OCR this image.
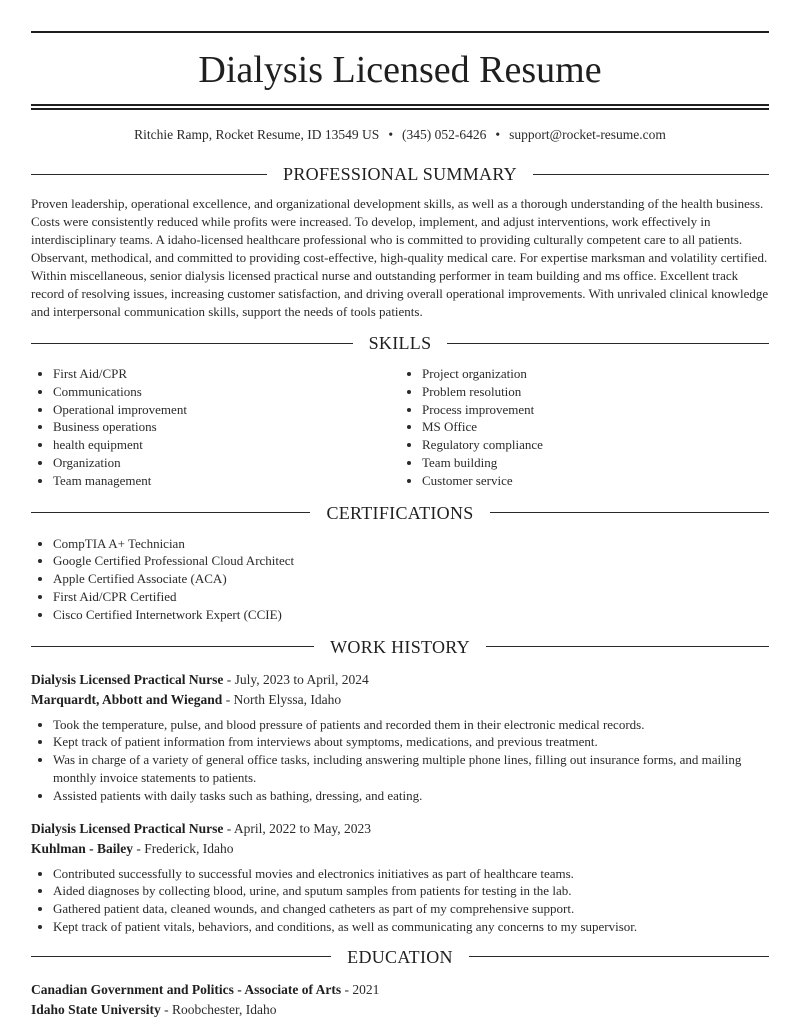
Dialysis Licensed Resume
Ritchie Ramp, Rocket Resume, ID 13549 US • (345) 052-6426 • support@rocket-resume.com
PROFESSIONAL SUMMARY

Proven leadership, operational excellence, and organizational development skills, as well as a thorough understanding of the health business. Costs were consistently reduced while profits were increased. To develop, implement, and adjust interventions, work effectively in interdisciplinary teams. A idaho-licensed healthcare professional who is committed to providing culturally competent care to all patients. Observant, methodical, and committed to providing cost-effective, high-quality medical care. For expertise marksman and volatility certified. Within miscellaneous, senior dialysis licensed practical nurse and outstanding performer in team building and ms office. Excellent track record of resolving issues, increasing customer satisfaction, and driving overall operational improvements. With unrivaled clinical knowledge and interpersonal communication skills, support the needs of tools patients.

SKILLS
• First Aid/CPR
• Communications
• Operational improvement
• Business operations
• health equipment
• Organization
• Team management
• Project organization
• Problem resolution
• Process improvement
• MS Office
• Regulatory compliance
• Team building
• Customer service
CERTIFICATIONS
• CompTIA A+ Technician
• Google Certified Professional Cloud Architect
• Apple Certified Associate (ACA)
• First Aid/CPR Certified
• Cisco Certified Internetwork Expert (CCIE)
WORK HISTORY
Dialysis Licensed Practical Nurse - July, 2023 to April, 2024
Marquardt, Abbott and Wiegand - North Elyssa, Idaho
• Took the temperature, pulse, and blood pressure of patients and recorded them in their electronic medical records.
• Kept track of patient information from interviews about symptoms, medications, and previous treatment.
• Was in charge of a variety of general office tasks, including answering multiple phone lines, filling out insurance forms, and mailing monthly invoice statements to patients.
• Assisted patients with daily tasks such as bathing, dressing, and eating.
Dialysis Licensed Practical Nurse - April, 2022 to May, 2023
Kuhlman - Bailey - Frederick, Idaho
• Contributed successfully to successful movies and electronics initiatives as part of healthcare teams.
• Aided diagnoses by collecting blood, urine, and sputum samples from patients for testing in the lab.
• Gathered patient data, cleaned wounds, and changed catheters as part of my comprehensive support.
• Kept track of patient vitals, behaviors, and conditions, as well as communicating any concerns to my supervisor.
EDUCATION
Canadian Government and Politics - Associate of Arts - 2021
Idaho State University - Roobchester, Idaho
